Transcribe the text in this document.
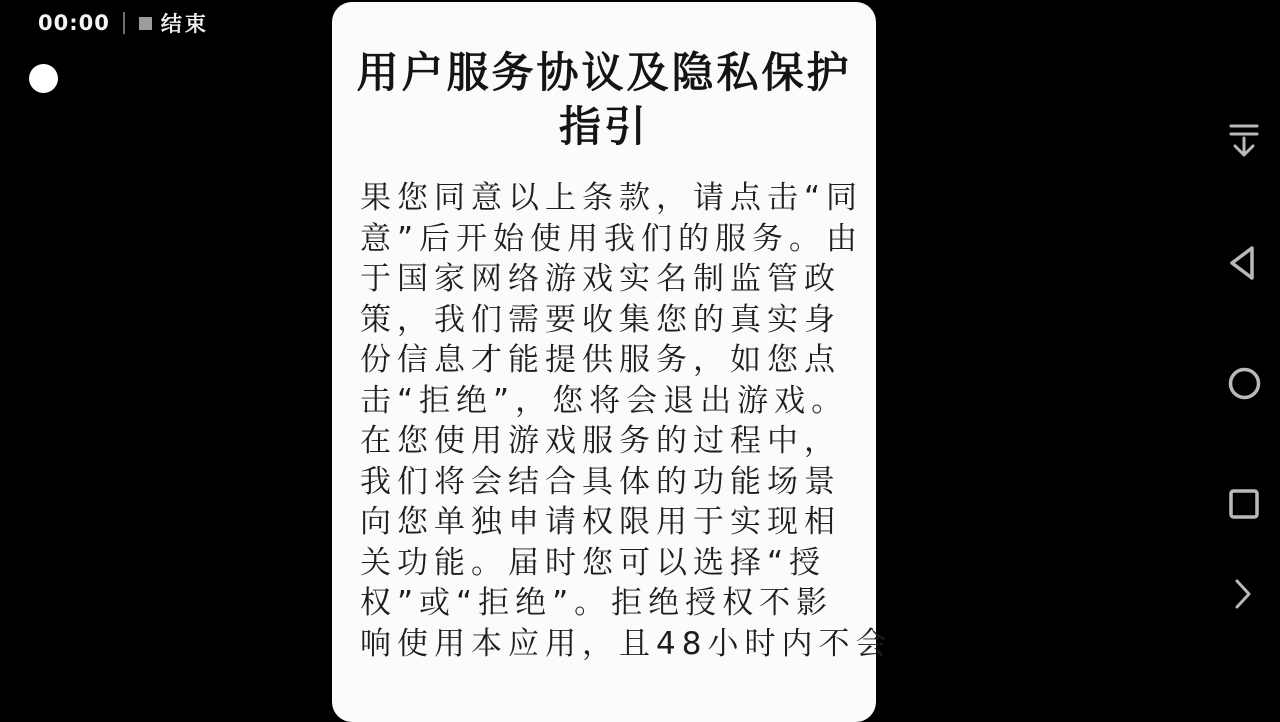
00:00 结束
用户服务协议及隐私保护
指引
果您同意以上条款，请点击“同
意”后开始使用我们的服务。由
于国家网络游戏实名制监管政
策，我们需要收集您的真实身
份信息才能提供服务，如您点
击“拒绝”，您将会退出游戏。
在您使用游戏服务的过程中，
我们将会结合具体的功能场景
向您单独申请权限用于实现相
关功能。届时您可以选择“授
权”或“拒绝”。拒绝授权不影
响使用本应用，且48小时内不会
